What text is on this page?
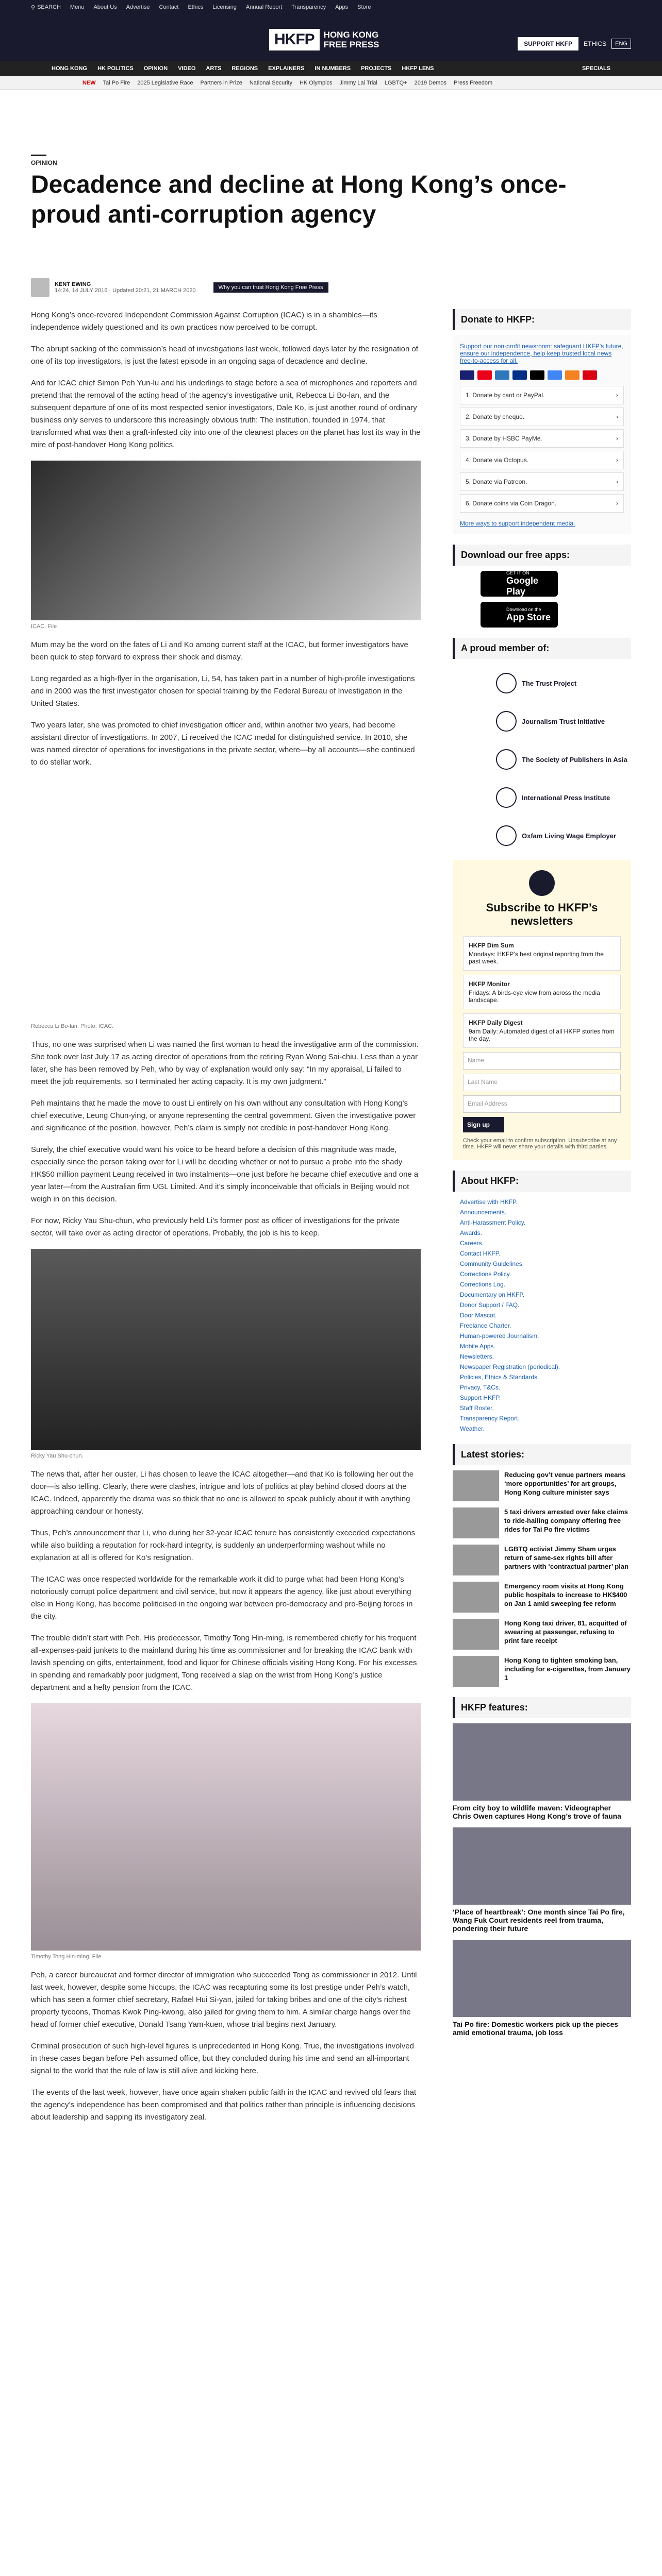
⚲ SEARCH Menu About Us Advertise Contact Ethics Licensing Annual Report Transparency Apps Store
HKFP	HONG KONG
FREE PRESS	SUPPORT HKFP	ETHICS	ENG
HONG KONG HK POLITICS OPINION VIDEO ARTS REGIONS EXPLAINERS IN NUMBERS PROJECTS HKFP LENS	SPECIALS
NEW Tai Po Fire 2025 Legislative Race Partners in Prize National Security HK Olympics Jimmy Lai Trial LGBTQ+ 2019 Demos Press Freedom
OPINION
Decadence and decline at Hong Kong’s once-proud anti-corruption agency
KENT EWING
14:24, 14 JULY 2016 · Updated 20:21, 21 MARCH 2020	Why you can trust Hong Kong Free Press

Hong Kong’s once-revered Independent Commission Against Corruption (ICAC) is in a shambles—its independence widely questioned and its own practices now perceived to be corrupt.

The abrupt sacking of the commission’s head of investigations last week, followed days later by the resignation of one of its top investigators, is just the latest episode in an ongoing saga of decadence and decline.

And for ICAC chief Simon Peh Yun-lu and his underlings to stage before a sea of microphones and reporters and pretend that the removal of the acting head of the agency’s investigative unit, Rebecca Li Bo-lan, and the subsequent departure of one of its most respected senior investigators, Dale Ko, is just another round of ordinary business only serves to underscore this increasingly obvious truth: The institution, founded in 1974, that transformed what was then a graft-infested city into one of the cleanest places on the planet has lost its way in the mire of post-handover Hong Kong politics.

ICAC. File

Mum may be the word on the fates of Li and Ko among current staff at the ICAC, but former investigators have been quick to step forward to express their shock and dismay.

Long regarded as a high-flyer in the organisation, Li, 54, has taken part in a number of high-profile investigations and in 2000 was the first investigator chosen for special training by the Federal Bureau of Investigation in the United States.

Two years later, she was promoted to chief investigation officer and, within another two years, had become assistant director of investigations. In 2007, Li received the ICAC medal for distinguished service. In 2010, she was named director of operations for investigations in the private sector, where—by all accounts—she continued to do stellar work.

Rebecca Li Bo-lan. Photo: ICAC.

Thus, no one was surprised when Li was named the first woman to head the investigative arm of the commission. She took over last July 17 as acting director of operations from the retiring Ryan Wong Sai-chiu. Less than a year later, she has been removed by Peh, who by way of explanation would only say: “In my appraisal, Li failed to meet the job requirements, so I terminated her acting capacity. It is my own judgment.”

Peh maintains that he made the move to oust Li entirely on his own without any consultation with Hong Kong’s chief executive, Leung Chun-ying, or anyone representing the central government. Given the investigative power and significance of the position, however, Peh’s claim is simply not credible in post-handover Hong Kong.

Surely, the chief executive would want his voice to be heard before a decision of this magnitude was made, especially since the person taking over for Li will be deciding whether or not to pursue a probe into the shady HK$50 million payment Leung received in two instalments—one just before he became chief executive and one a year later—from the Australian firm UGL Limited. And it’s simply inconceivable that officials in Beijing would not weigh in on this decision.

For now, Ricky Yau Shu-chun, who previously held Li’s former post as officer of investigations for the private sector, will take over as acting director of operations. Probably, the job is his to keep.

Ricky Yau Shu-chun.

The news that, after her ouster, Li has chosen to leave the ICAC altogether—and that Ko is following her out the door—is also telling. Clearly, there were clashes, intrigue and lots of politics at play behind closed doors at the ICAC. Indeed, apparently the drama was so thick that no one is allowed to speak publicly about it with anything approaching candour or honesty.

Thus, Peh’s announcement that Li, who during her 32-year ICAC tenure has consistently exceeded expectations while also building a reputation for rock-hard integrity, is suddenly an underperforming washout while no explanation at all is offered for Ko’s resignation.

The ICAC was once respected worldwide for the remarkable work it did to purge what had been Hong Kong’s notoriously corrupt police department and civil service, but now it appears the agency, like just about everything else in Hong Kong, has become politicised in the ongoing war between pro-democracy and pro-Beijing forces in the city.

The trouble didn’t start with Peh. His predecessor, Timothy Tong Hin-ming, is remembered chiefly for his frequent all-expenses-paid junkets to the mainland during his time as commissioner and for breaking the ICAC bank with lavish spending on gifts, entertainment, food and liquor for Chinese officials visiting Hong Kong. For his excesses in spending and remarkably poor judgment, Tong received a slap on the wrist from Hong Kong’s justice department and a hefty pension from the ICAC.

Timothy Tong Hin-ming. File

Peh, a career bureaucrat and former director of immigration who succeeded Tong as commissioner in 2012. Until last week, however, despite some hiccups, the ICAC was recapturing some its lost prestige under Peh’s watch, which has seen a former chief secretary, Rafael Hui Si-yan, jailed for taking bribes and one of the city’s richest property tycoons, Thomas Kwok Ping-kwong, also jailed for giving them to him. A similar charge hangs over the head of former chief executive, Donald Tsang Yam-kuen, whose trial begins next January.

Criminal prosecution of such high-level figures is unprecedented in Hong Kong. True, the investigations involved in these cases began before Peh assumed office, but they concluded during his time and send an all-important signal to the world that the rule of law is still alive and kicking here.

The events of the last week, however, have once again shaken public faith in the ICAC and revived old fears that the agency’s independence has been compromised and that politics rather than principle is influencing decisions about leadership and sapping its investigatory zeal.

Donate to HKFP:
Support our non-profit newsroom: safeguard HKFP’s future, ensure our independence, help keep trusted local news free-to-access for all.
1. Donate by card or PayPal.	›
2. Donate by cheque.	›
3. Donate by HSBC PayMe.	›
4. Donate via Octopus.	›
5. Donate via Patreon.	›
6. Donate coins via Coin Dragon.	›
More ways to support independent media.
Download our free apps:
GET IT ON
Google Play
Download on the
App Store
A proud member of:
The Trust Project
Journalism Trust Initiative
The Society of Publishers in Asia
International Press Institute
Oxfam Living Wage Employer
Subscribe to HKFP’s newsletters
HKFP Dim Sum
Mondays: HKFP’s best original reporting from the past week.
HKFP Monitor
Fridays: A birds-eye view from across the media landscape.
HKFP Daily Digest
9am Daily: Automated digest of all HKFP stories from the day.
Name
Last Name
Email Address
Sign up
Check your email to confirm subscription. Unsubscribe at any time. HKFP will never share your details with third parties.
About HKFP:
Advertise with HKFP.
Announcements.
Anti-Harassment Policy.
Awards.
Careers.
Contact HKFP.
Community Guidelines.
Corrections Policy.
Corrections Log.
Documentary on HKFP.
Donor Support / FAQ.
Door Mascot.
Freelance Charter.
Human-powered Journalism.
Mobile Apps.
Newsletters.
Newspaper Registration (periodical).
Policies, Ethics & Standards.
Privacy, T&Cs.
Support HKFP.
Staff Roster.
Transparency Report.
Weather.
Latest stories:

Reducing gov’t venue partners means ‘more opportunities’ for art groups, Hong Kong culture minister says

5 taxi drivers arrested over fake claims to ride-hailing company offering free rides for Tai Po fire victims

LGBTQ activist Jimmy Sham urges return of same-sex rights bill after partners with ‘contractual partner’ plan

Emergency room visits at Hong Kong public hospitals to increase to HK$400 on Jan 1 amid sweeping fee reform

Hong Kong taxi driver, 81, acquitted of swearing at passenger, refusing to print fare receipt

Hong Kong to tighten smoking ban, including for e-cigarettes, from January 1

HKFP features:

From city boy to wildlife maven: Videographer Chris Owen captures Hong Kong’s trove of fauna

‘Place of heartbreak’: One month since Tai Po fire, Wang Fuk Court residents reel from trauma, pondering their future

Tai Po fire: Domestic workers pick up the pieces amid emotional trauma, job loss
